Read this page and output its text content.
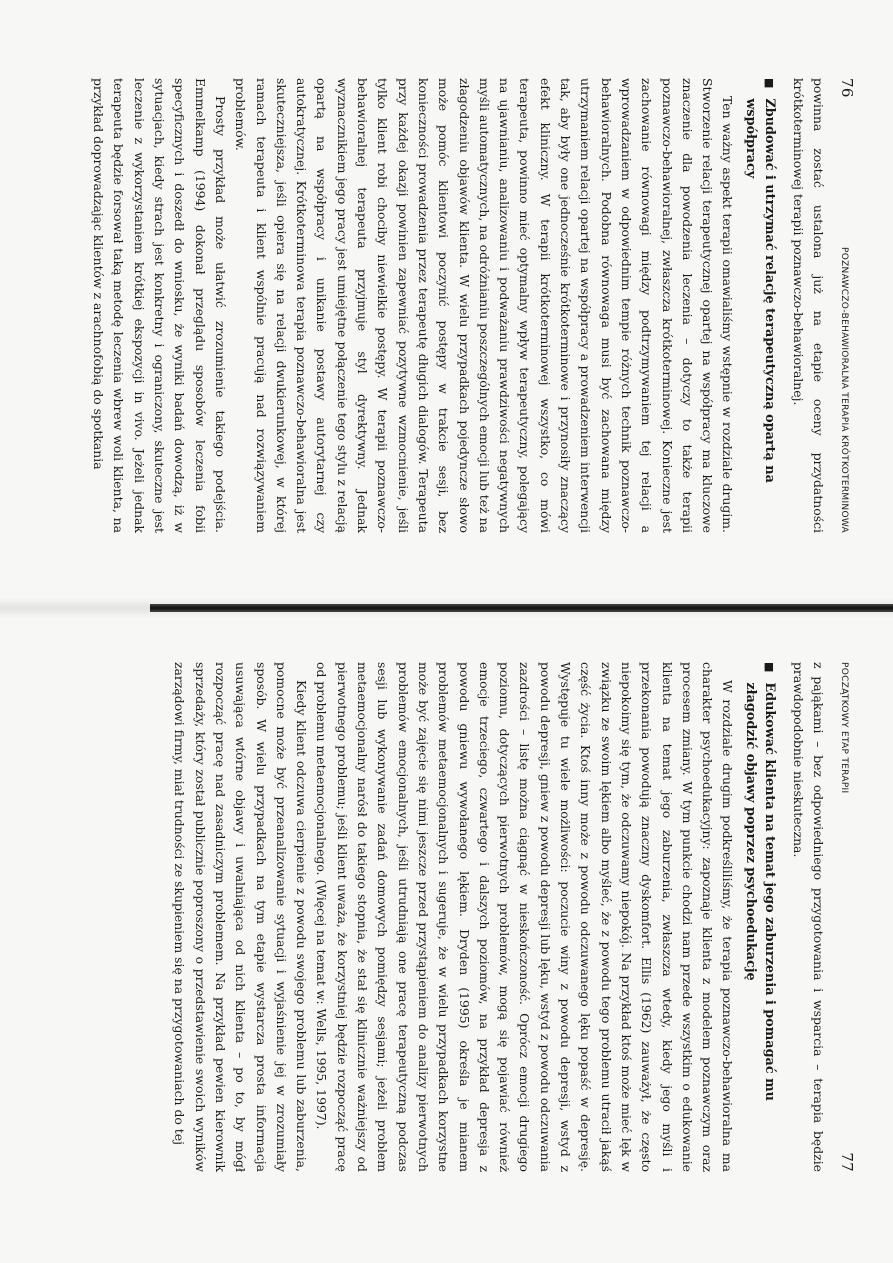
76
POZNAWCZO-BEHAWIORALNA TERAPIA KRÓTKOTERMINOWA

powinna zostać ustalona już na etapie oceny przydatności krótkoterminowej terapii poznawczo-behawioralnej.

■
Zbudować i utrzymać relację terapeutyczną opartą na współpracy

Ten ważny aspekt terapii omawialiśmy wstępnie w rozdziale drugim. Stworzenie relacji terapeutycznej opartej na współpracy ma kluczowe znaczenie dla powodzenia leczenia – dotyczy to także terapii poznawczo-behawioralnej, zwłaszcza krótkoterminowej. Konieczne jest zachowanie równowagi między podtrzymywaniem tej relacji a wprowadzaniem w odpowiednim tempie różnych technik poznawczo-behawioralnych. Podobna równowaga musi być zachowana między utrzymaniem relacji opartej na współpracy a prowadzeniem interwencji tak, aby były one jednocześnie krótkoterminowe i przynosiły znaczący efekt kliniczny. W terapii krótkoterminowej wszystko, co mówi terapeuta, powinno mieć optymalny wpływ terapeutyczny, polegający na ujawnianiu, analizowaniu i podważaniu prawdziwości negatywnych myśli automatycznych, na odróżnianiu poszczególnych emocji lub też na złagodzeniu objawów klienta. W wielu przypadkach pojedyncze słowo może pomóc klientowi poczynić postępy w trakcie sesji, bez konieczności prowadzenia przez terapeutę długich dialogów. Terapeuta przy każdej okazji powinien zapewniać pozytywne wzmocnienie, jeśli tylko klient robi chociby niewielkie postępy. W terapii poznawczo-behawioralnej terapeuta przyjmuje styl dyrektywny. Jednak wyznacznikiem jego pracy jest umiejętne połączenie tego stylu z relacją opartą na współpracy i unikanie postawy autorytarnej czy autokratycznej. Krótkoterminowa terapia poznawczo-behawioralna jest skuteczniejsza, jeśli opiera się na relacji dwukierunkowej, w której ramach terapeuta i klient wspólnie pracują nad rozwiązywaniem problemów.

Prosty przykład może ułatwić zrozumienie takiego podejścia. Emmelkamp (1994) dokonał przeglądu sposobów leczenia fobii specyficznych i doszedł do wniosku, że wyniki badań dowodzą, iż w sytuacjach, kiedy strach jest konkretny i ograniczony, skuteczne jest leczenie z wykorzystaniem krótkiej ekspozycji in vivo. Jeżeli jednak terapeuta będzie forsował taką metodę leczenia wbrew woli klienta, na przykład doprowadzając klientów z arachnofobią do spotkania

POCZĄTKOWY ETAP TERAPII
77

z pająkami – bez odpowiedniego przygotowania i wsparcia – terapia będzie prawdopodobnie nieskuteczna.

■
Edukować klienta na temat jego zaburzenia i pomagać mu złagodzić objawy poprzez psychoedukację

W rozdziale drugim podkreśliliśmy, że terapia poznawczo-behawioralna ma charakter psychoedukacyjny: zapoznaje klienta z modelem poznawczym oraz procesem zmiany. W tym punkcie chodzi nam przede wszystkim o edukowanie klienta na temat jego zaburzenia, zwłaszcza wtedy, kiedy jego myśli i przekonania powodują znaczny dyskomfort. Ellis (1962) zauważył, że często niepokoimy się tym, że odczuwamy niepokój. Na przykład ktoś może mieć lęk w związku ze swoim lękiem albo myśleć, że z powodu tego problemu utracił jakąś część życia. Ktoś inny może z powodu odczuwanego lęku popaść w depresję. Występuje tu wiele możliwości: poczucie winy z powodu depresji, wstyd z powodu depresji, gniew z powodu depresji lub lęku, wstyd z powodu odczuwania zazdrości – listę można ciągnąć w nieskończoność. Oprócz emocji drugiego poziomu, dotyczących pierwotnych problemów, mogą się pojawiać również emocje trzeciego, czwartego i dalszych poziomów, na przykład depresja z powodu gniewu wywołanego lękiem. Dryden (1995) określa je mianem problemów metaemocjonalnych i sugeruje, że w wielu przypadkach korzystne może być zajęcie się nimi jeszcze przed przystąpieniem do analizy pierwotnych problemów emocjonalnych, jeśli utrudniają one pracę terapeutyczną podczas sesji lub wykonywanie zadań domowych pomiędzy sesjami; jeżeli problem metaemocjonalny narósł do takiego stopnia, że stał się klinicznie ważniejszy od pierwotnego problemu; jeśli klient uważa, że korzystniej będzie rozpocząć pracę od problemu metaemocjonalnego. (Więcej na temat w: Wells, 1995, 1997).

Kiedy klient odczuwa cierpienie z powodu swojego problemu lub zaburzenia, pomocne może być przeanalizowanie sytuacji i wyjaśnienie jej w zrozumiały sposób. W wielu przypadkach na tym etapie wystarcza prosta informacja usuwająca wtórne objawy i uwalniająca od nich klienta – po to, by mógł rozpocząć pracę nad zasadniczym problemem. Na przykład pewien kierownik sprzedaży, który został publicznie poproszony o przedstawienie swoich wyników zarządowi firmy, miał trudności ze skupieniem się na przygotowaniach do tej
